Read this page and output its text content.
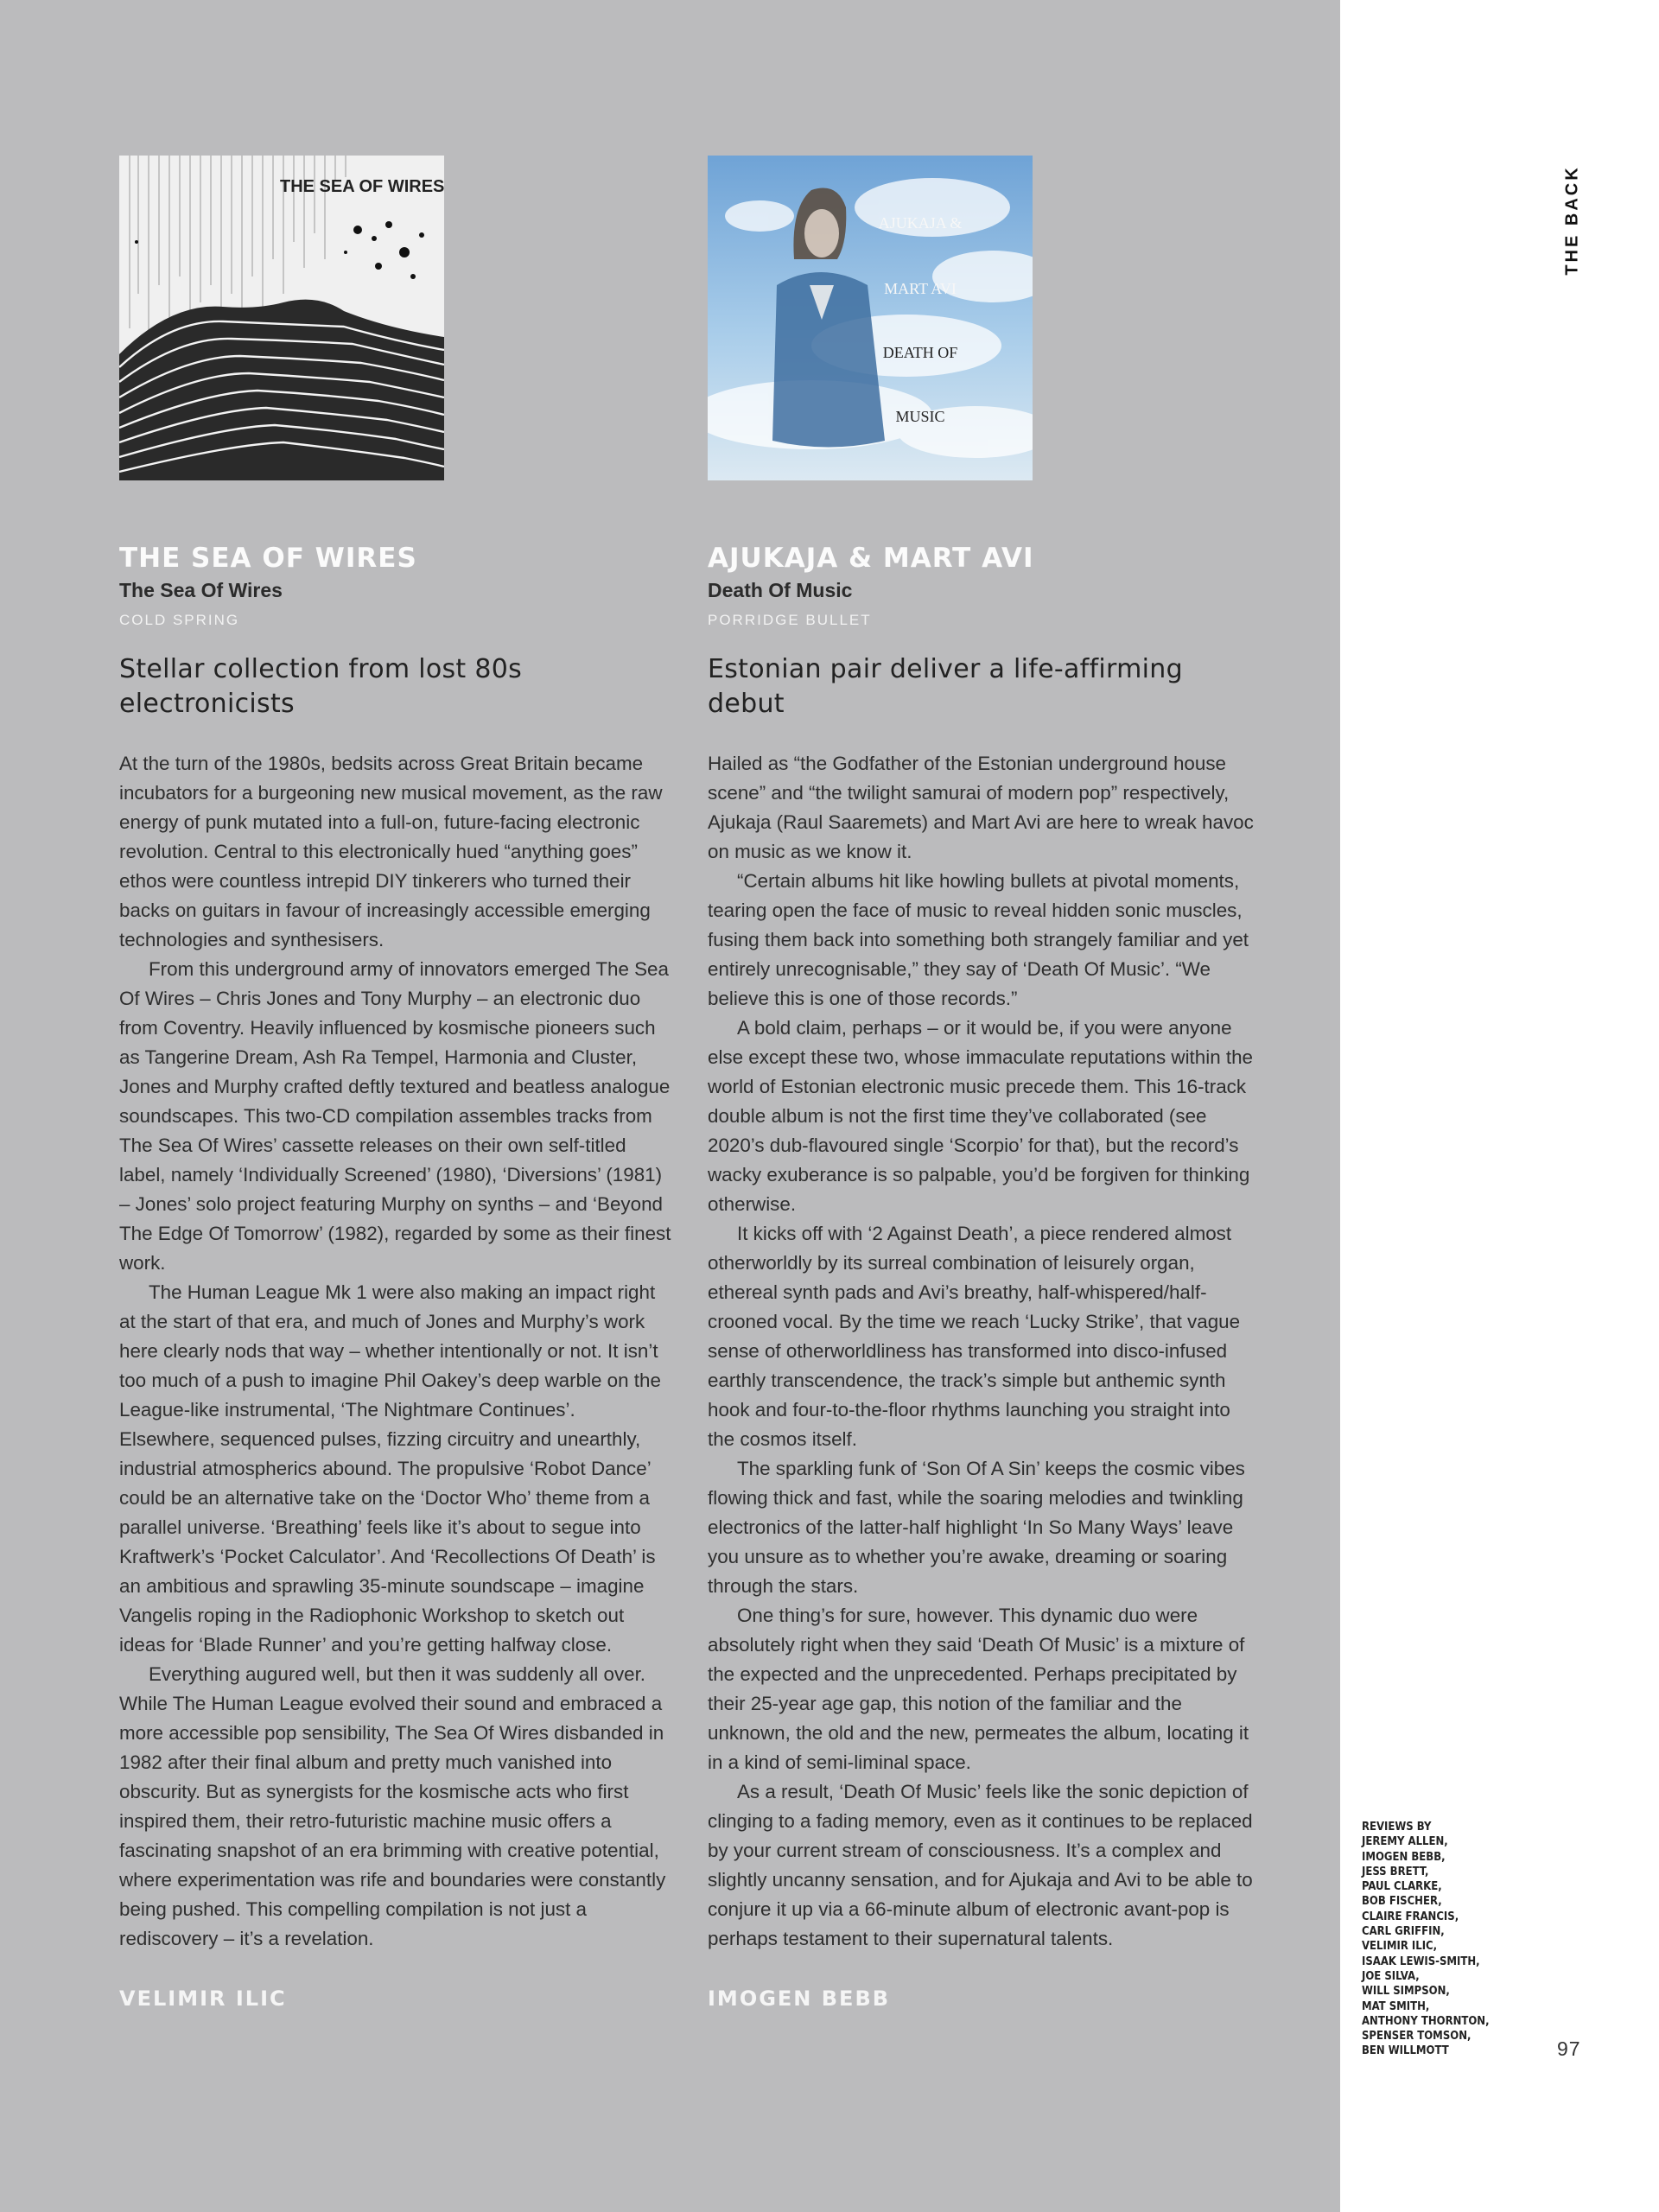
THE BACK
THE SEA OF WIRES
THE SEA OF WIRES
The Sea Of Wires
COLD SPRING
Stellar collection from lost 80s electronicists

At the turn of the 1980s, bedsits across Great Britain became incubators for a burgeoning new musical movement, as the raw energy of punk mutated into a full-on, future-facing electronic revolution. Central to this electronically hued “anything goes” ethos were countless intrepid DIY tinkerers who turned their backs on guitars in favour of increasingly accessible emerging technologies and synthesisers.

From this underground army of innovators emerged The Sea Of Wires – Chris Jones and Tony Murphy – an electronic duo from Coventry. Heavily influenced by kosmische pioneers such as Tangerine Dream, Ash Ra Tempel, Harmonia and Cluster, Jones and Murphy crafted deftly textured and beatless analogue soundscapes. This two-CD compilation assembles tracks from The Sea Of Wires’ cassette releases on their own self-titled label, namely ‘Individually Screened’ (1980), ‘Diversions’ (1981) – Jones’ solo project featuring Murphy on synths – and ‘Beyond The Edge Of Tomorrow’ (1982), regarded by some as their finest work.

The Human League Mk 1 were also making an impact right at the start of that era, and much of Jones and Murphy’s work here clearly nods that way – whether intentionally or not. It isn’t too much of a push to imagine Phil Oakey’s deep warble on the League-like instrumental, ‘The Nightmare Continues’. Elsewhere, sequenced pulses, fizzing circuitry and unearthly, industrial atmospherics abound. The propulsive ‘Robot Dance’ could be an alternative take on the ‘Doctor Who’ theme from a parallel universe. ‘Breathing’ feels like it’s about to segue into Kraftwerk’s ‘Pocket Calculator’. And ‘Recollections Of Death’ is an ambitious and sprawling 35-minute soundscape – imagine Vangelis roping in the Radiophonic Workshop to sketch out ideas for ‘Blade Runner’ and you’re getting halfway close.

Everything augured well, but then it was suddenly all over. While The Human League evolved their sound and embraced a more accessible pop sensibility, The Sea Of Wires disbanded in 1982 after their final album and pretty much vanished into obscurity. But as synergists for the kosmische acts who first inspired them, their retro-futuristic machine music offers a fascinating snapshot of an era brimming with creative potential, where experimentation was rife and boundaries were constantly being pushed. This compelling compilation is not just a rediscovery – it’s a revelation.

VELIMIR ILIC
AJUKAJA &
MART AVI
DEATH OF
MUSIC
AJUKAJA & MART AVI
Death Of Music
PORRIDGE BULLET
Estonian pair deliver a life-affirming debut

Hailed as “the Godfather of the Estonian underground house scene” and “the twilight samurai of modern pop” respectively, Ajukaja (Raul Saaremets) and Mart Avi are here to wreak havoc on music as we know it.

“Certain albums hit like howling bullets at pivotal moments, tearing open the face of music to reveal hidden sonic muscles, fusing them back into something both strangely familiar and yet entirely unrecognisable,” they say of ‘Death Of Music’. “We believe this is one of those records.”

A bold claim, perhaps – or it would be, if you were anyone else except these two, whose immaculate reputations within the world of Estonian electronic music precede them. This 16-track double album is not the first time they’ve collaborated (see 2020’s dub-flavoured single ‘Scorpio’ for that), but the record’s wacky exuberance is so palpable, you’d be forgiven for thinking otherwise.

It kicks off with ‘2 Against Death’, a piece rendered almost otherworldly by its surreal combination of leisurely organ, ethereal synth pads and Avi’s breathy, half-whispered/half-crooned vocal. By the time we reach ‘Lucky Strike’, that vague sense of otherworldliness has transformed into disco-infused earthly transcendence, the track’s simple but anthemic synth hook and four-to-the-floor rhythms launching you straight into the cosmos itself.

The sparkling funk of ‘Son Of A Sin’ keeps the cosmic vibes flowing thick and fast, while the soaring melodies and twinkling electronics of the latter-half highlight ‘In So Many Ways’ leave you unsure as to whether you’re awake, dreaming or soaring through the stars.

One thing’s for sure, however. This dynamic duo were absolutely right when they said ‘Death Of Music’ is a mixture of the expected and the unprecedented. Perhaps precipitated by their 25-year age gap, this notion of the familiar and the unknown, the old and the new, permeates the album, locating it in a kind of semi-liminal space.

As a result, ‘Death Of Music’ feels like the sonic depiction of clinging to a fading memory, even as it continues to be replaced by your current stream of consciousness. It’s a complex and slightly uncanny sensation, and for Ajukaja and Avi to be able to conjure it up via a 66-minute album of electronic avant-pop is perhaps testament to their supernatural talents.

IMOGEN BEBB
REVIEWS BY
JEREMY ALLEN,
IMOGEN BEBB,
JESS BRETT,
PAUL CLARKE,
BOB FISCHER,
CLAIRE FRANCIS,
CARL GRIFFIN,
VELIMIR ILIC,
ISAAK LEWIS-SMITH,
JOE SILVA,
WILL SIMPSON,
MAT SMITH,
ANTHONY THORNTON,
SPENSER TOMSON,
BEN WILLMOTT	97
